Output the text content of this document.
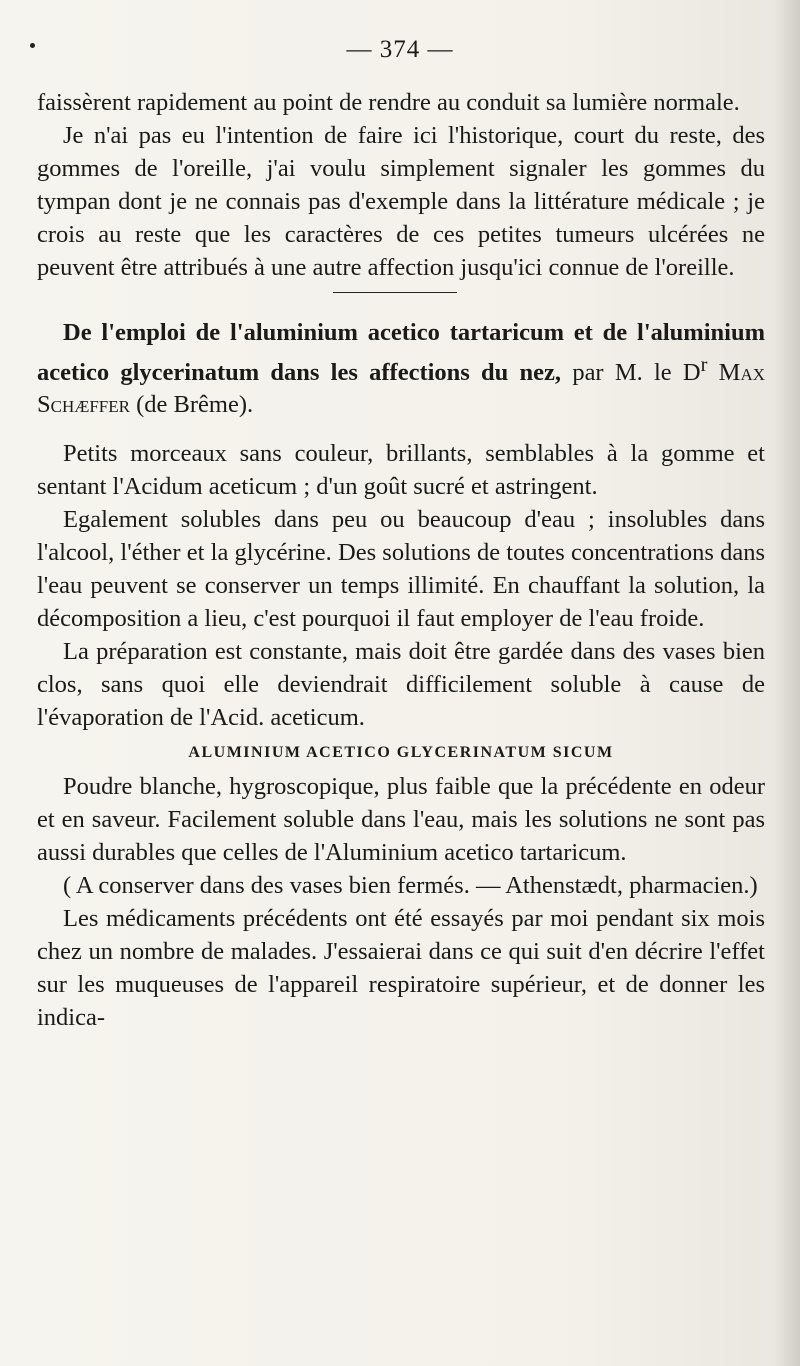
— 374 —

faissèrent rapidement au point de rendre au conduit sa lumière normale.

Je n'ai pas eu l'intention de faire ici l'historique, court du reste, des gommes de l'oreille, j'ai voulu simplement signaler les gommes du tympan dont je ne connais pas d'exemple dans la littérature médicale ; je crois au reste que les caractères de ces petites tumeurs ulcérées ne peuvent être attribués à une autre affection jusqu'ici connue de l'oreille.

De l'emploi de l'aluminium acetico tartaricum et de l'aluminium acetico glycerinatum dans les affections du nez, par M. le $D^r$ Max Schæffer (de Brême).

Petits morceaux sans couleur, brillants, semblables à la gomme et sentant l'Acidum aceticum ; d'un goût sucré et astringent.

Egalement solubles dans peu ou beaucoup d'eau ; insolubles dans l'alcool, l'éther et la glycérine. Des solutions de toutes concentrations dans l'eau peuvent se conserver un temps illimité. En chauffant la solution, la décomposition a lieu, c'est pourquoi il faut employer de l'eau froide.

La préparation est constante, mais doit être gardée dans des vases bien clos, sans quoi elle deviendrait difficilement soluble à cause de l'évaporation de l'Acid. aceticum.

ALUMINIUM ACETICO GLYCERINATUM SICUM

Poudre blanche, hygroscopique, plus faible que la précédente en odeur et en saveur. Facilement soluble dans l'eau, mais les solutions ne sont pas aussi durables que celles de l'Aluminium acetico tartaricum.

( A conserver dans des vases bien fermés. — Athenstædt, pharmacien.)

Les médicaments précédents ont été essayés par moi pendant six mois chez un nombre de malades. J'essaierai dans ce qui suit d'en décrire l'effet sur les muqueuses de l'appareil respiratoire supérieur, et de donner les indica-
